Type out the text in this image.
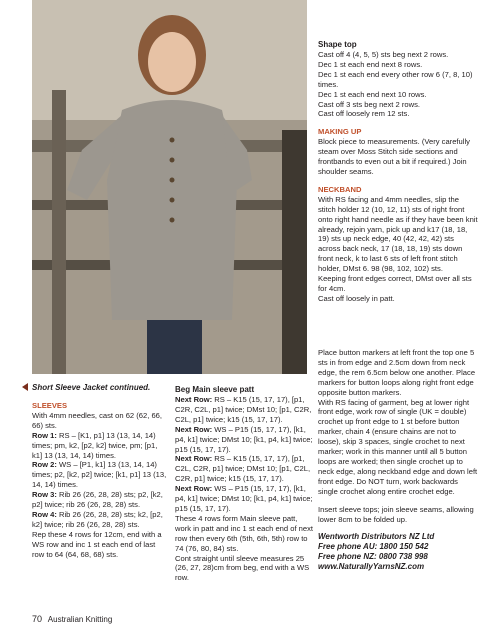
Short Sleeve Jacket continued.

SLEEVES

With 4mm needles, cast on 62 (62, 66, 66) sts.

Row 1: RS – [K1, p1] 13 (13, 14, 14) times; pm, k2, [p2, k2] twice, pm; [p1, k1] 13 (13, 14, 14) times.

Row 2: WS – [P1, k1] 13 (13, 14, 14) times; p2, [k2, p2] twice; [k1, p1] 13 (13, 14, 14) times.

Row 3: Rib 26 (26, 28, 28) sts; p2, [k2, p2] twice; rib 26 (26, 28, 28) sts.

Row 4: Rib 26 (26, 28, 28) sts; k2, [p2, k2] twice; rib 26 (26, 28, 28) sts.

Rep these 4 rows for 12cm, end with a WS row and inc 1 st each end of last row to 64 (64, 68, 68) sts.

Beg Main sleeve patt

Next Row: RS – K15 (15, 17, 17), [p1, C2R, C2L, p1] twice; DMst 10; [p1, C2R, C2L, p1] twice; k15 (15, 17, 17).

Next Row: WS – P15 (15, 17, 17), [k1, p4, k1] twice; DMst 10; [k1, p4, k1] twice; p15 (15, 17, 17).

Next Row: RS – K15 (15, 17, 17), [p1, C2L, C2R, p1] twice; DMst 10; [p1, C2L, C2R, p1] twice; k15 (15, 17, 17).

Next Row: WS – P15 (15, 17, 17), [k1, p4, k1] twice; DMst 10; [k1, p4, k1] twice; p15 (15, 17, 17).

These 4 rows form Main sleeve patt, work in patt and inc 1 st each end of next row then every 6th (5th, 6th, 5th) row to 74 (76, 80, 84) sts.

Cont straight until sleeve measures 25 (26, 27, 28)cm from beg, end with a WS row.

Shape top

Cast off 4 (4, 5, 5) sts beg next 2 rows.
Dec 1 st each end next 8 rows.
Dec 1 st each end every other row 6 (7, 8, 10) times.
Dec 1 st each end next 10 rows.
Cast off 3 sts beg next 2 rows.
Cast off loosely rem 12 sts.

MAKING UP

Block piece to measurements. (Very carefully steam over Moss Stitch side sections and frontbands to even out a bit if required.) Join shoulder seams.

NECKBAND

With RS facing and 4mm needles, slip the stitch holder 12 (10, 12, 11) sts of right front onto right hand needle as if they have been knit already, rejoin yarn, pick up and k17 (18, 18, 19) sts up neck edge, 40 (42, 42, 42) sts across back neck, 17 (18, 18, 19) sts down front neck, k to last 6 sts of left front stitch holder, DMst 6. 98 (98, 102, 102) sts.
Keeping front edges correct, DMst over all sts for 4cm.
Cast off loosely in patt.

Place button markers at left front the top one 5 sts in from edge and 2.5cm down from neck edge, the rem 6.5cm below one another. Place markers for button loops along right front edge opposite button markers.
With RS facing of garment, beg at lower right front edge, work row of single (UK = double) crochet up front edge to 1 st before button marker, chain 4 (ensure chains are not to loose), skip 3 spaces, single crochet to next marker; work in this manner until all 5 button loops are worked; then single crochet up to neck edge, along neckband edge and down left front edge. Do NOT turn, work backwards single crochet along entire crochet edge.

Insert sleeve tops; join sleeve seams, allowing lower 8cm to be folded up.

Wentworth Distributors NZ Ltd

Free phone AU: 1800 150 542

Free phone NZ: 0800 738 998

www.NaturallyYarnsNZ.com

70 Australian Knitting
